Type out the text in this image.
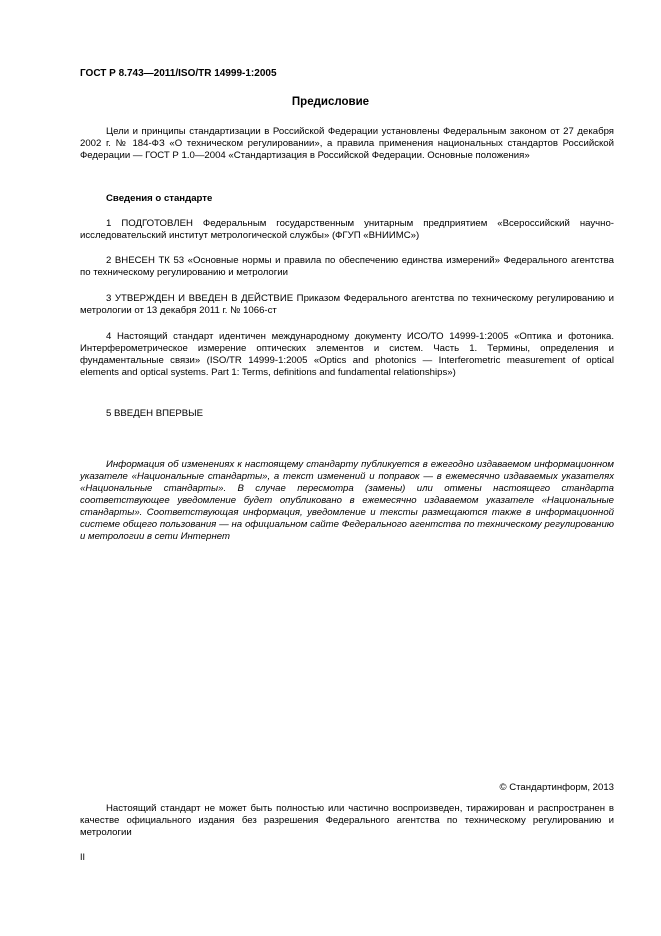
ГОСТ Р 8.743—2011/ISO/TR 14999-1:2005
Предисловие

Цели и принципы стандартизации в Российской Федерации установлены Федеральным законом от 27 декабря 2002 г. № 184-ФЗ «О техническом регулировании», а правила применения национальных стандартов Российской Федерации — ГОСТ Р 1.0—2004 «Стандартизация в Российской Федерации. Основные положения»

Сведения о стандарте

1 ПОДГОТОВЛЕН Федеральным государственным унитарным предприятием «Всероссийский научно-исследовательский институт метрологической службы» (ФГУП «ВНИИМС»)

2 ВНЕСЕН ТК 53 «Основные нормы и правила по обеспечению единства измерений» Федерального агентства по техническому регулированию и метрологии

3 УТВЕРЖДЕН И ВВЕДЕН В ДЕЙСТВИЕ Приказом Федерального агентства по техническому регулированию и метрологии от 13 декабря 2011 г. № 1066-ст

4 Настоящий стандарт идентичен международному документу ИСО/ТО 14999-1:2005 «Оптика и фотоника. Интерферометрическое измерение оптических элементов и систем. Часть 1. Термины, определения и фундаментальные связи» (ISO/TR 14999-1:2005 «Optics and photonics — Interferometric measurement of optical elements and optical systems. Part 1: Terms, definitions and fundamental relationships»)

5 ВВЕДЕН ВПЕРВЫЕ

Информация об изменениях к настоящему стандарту публикуется в ежегодно издаваемом информационном указателе «Национальные стандарты», а текст изменений и поправок — в ежемесячно издаваемых указателях «Национальные стандарты». В случае пересмотра (замены) или отмены настоящего стандарта соответствующее уведомление будет опубликовано в ежемесячно издаваемом указателе «Национальные стандарты». Соответствующая информация, уведомление и тексты размещаются также в информационной системе общего пользования — на официальном сайте Федерального агентства по техническому регулированию и метрологии в сети Интернет

© Стандартинформ, 2013

Настоящий стандарт не может быть полностью или частично воспроизведен, тиражирован и распространен в качестве официального издания без разрешения Федерального агентства по техническому регулированию и метрологии

II
